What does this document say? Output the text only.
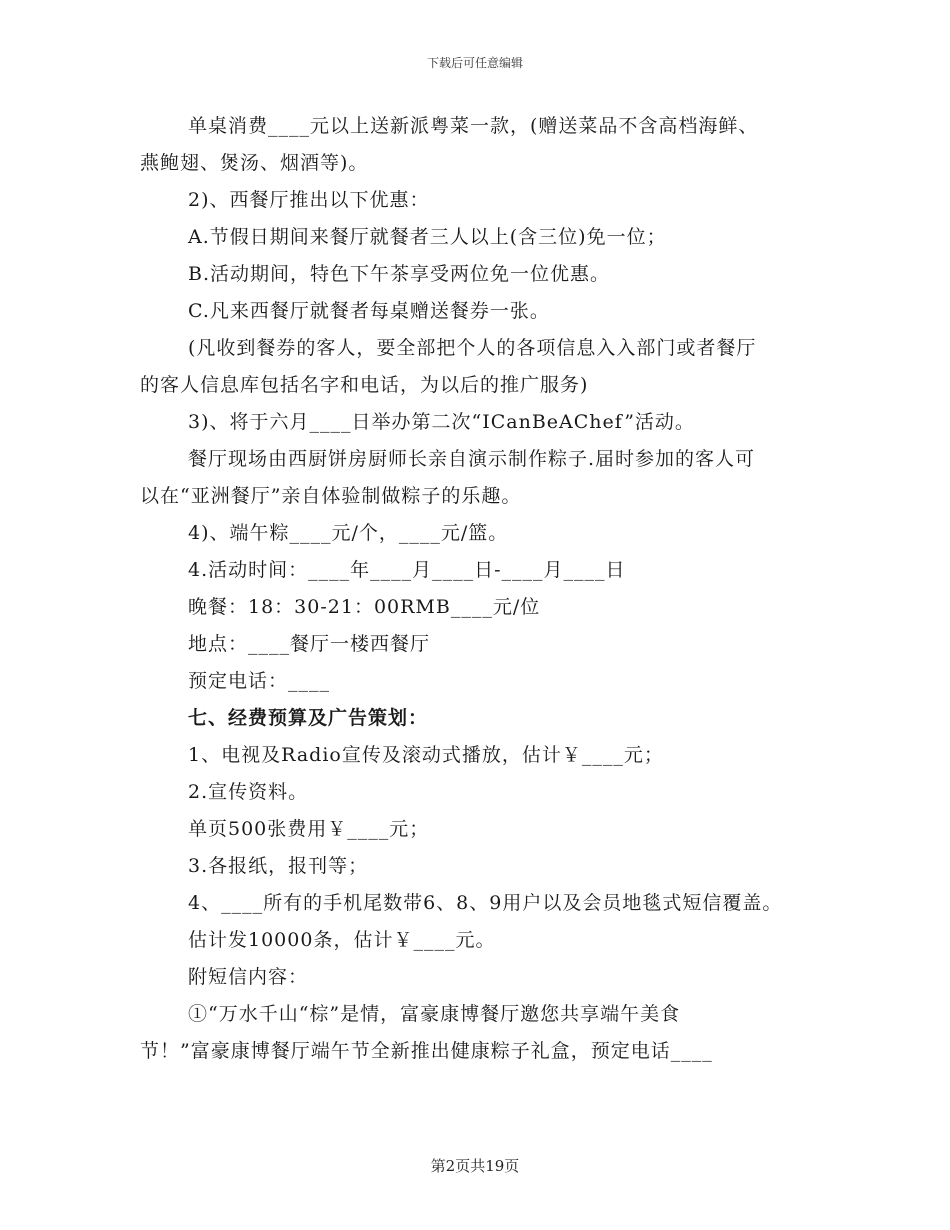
下载后可任意编辑
单桌消费____元以上送新派粤菜一款，(赠送菜品不含高档海鲜、
燕鲍翅、煲汤、烟酒等)。
2)、西餐厅推出以下优惠：
A.节假日期间来餐厅就餐者三人以上(含三位)免一位；
B.活动期间，特色下午茶享受两位免一位优惠。
C.凡来西餐厅就餐者每桌赠送餐券一张。
(凡收到餐券的客人，要全部把个人的各项信息入入部门或者餐厅
的客人信息库包括名字和电话，为以后的推广服务)
3)、将于六月____日举办第二次“ICanBeAChef”活动。
餐厅现场由西厨饼房厨师长亲自演示制作粽子.届时参加的客人可
以在“亚洲餐厅”亲自体验制做粽子的乐趣。
4)、端午粽____元/个，____元/篮。
4.活动时间：____年____月____日-____月____日
晚餐：18：30-21：00RMB____元/位
地点：____餐厅一楼西餐厅
预定电话：____
七、经费预算及广告策划：
1、电视及Radio宣传及滚动式播放，估计￥____元；
2.宣传资料。
单页500张费用￥____元；
3.各报纸，报刊等；
4、____所有的手机尾数带6、8、9用户以及会员地毯式短信覆盖。
估计发10000条，估计￥____元。
附短信内容：
①“万水千山“棕”是情，富豪康博餐厅邀您共享端午美食
节！”富豪康博餐厅端午节全新推出健康粽子礼盒，预定电话____
第2页共19页
